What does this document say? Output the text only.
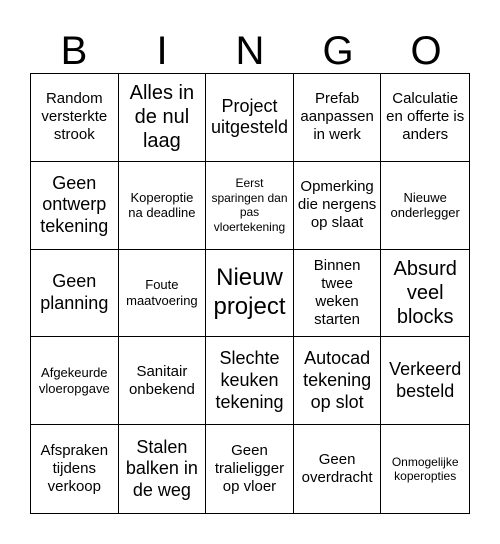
B	I	N	G	O
Random versterkte strook
Alles in de nul laag
Project uitgesteld
Prefab aanpassen in werk
Calculatie en offerte is anders
Geen ontwerp tekening
Koperoptie na deadline
Eerst sparingen dan pas vloertekening
Opmerking die nergens op slaat
Nieuwe onderlegger
Geen planning
Foute maatvoering
Nieuw project
Binnen twee weken starten
Absurd veel blocks
Afgekeurde vloeropgave
Sanitair onbekend
Slechte keuken tekening
Autocad tekening op slot
Verkeerd besteld
Afspraken tijdens verkoop
Stalen balken in de weg
Geen tralieligger op vloer
Geen overdracht
Onmogelijke koperopties
